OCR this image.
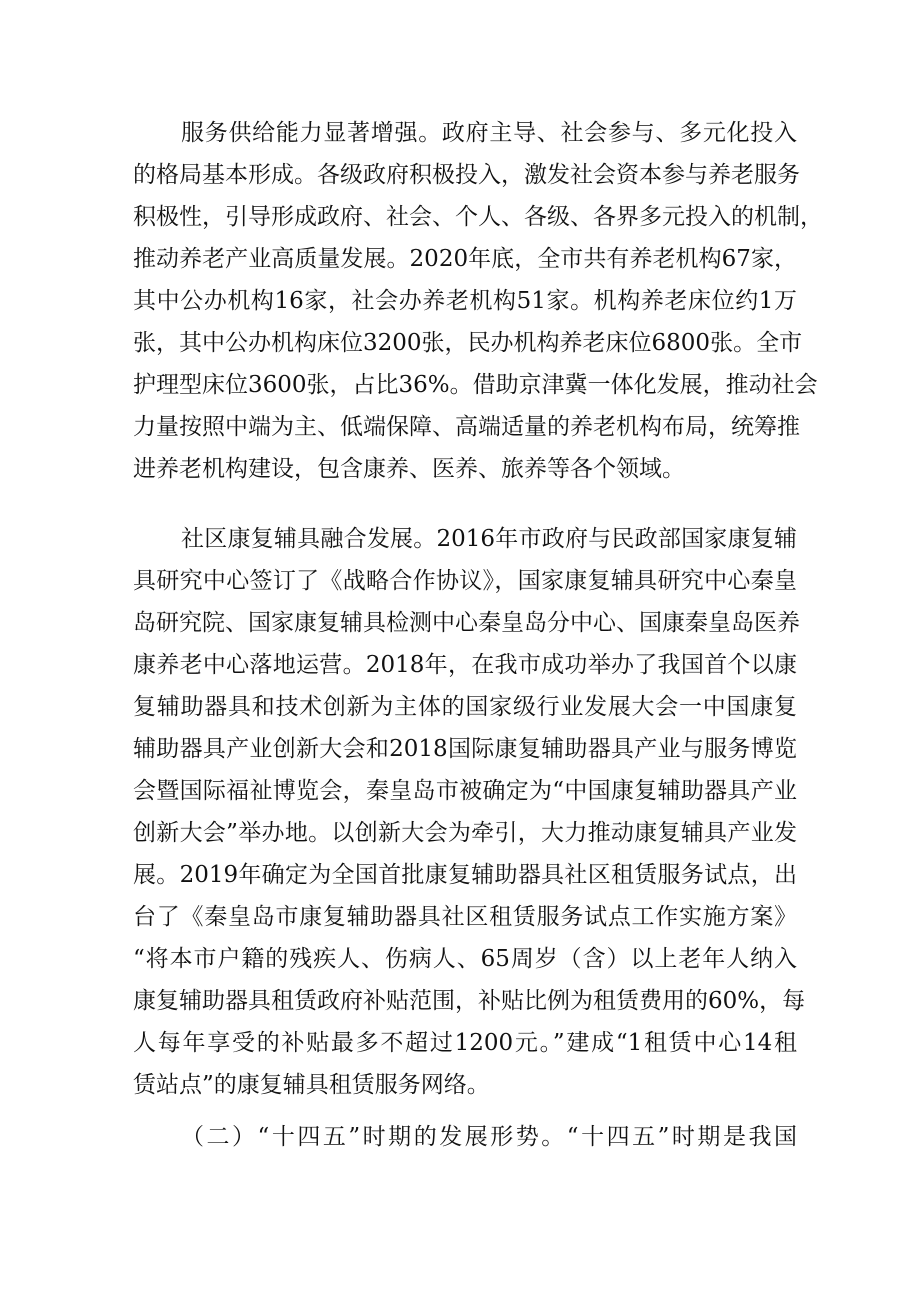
服务供给能力显著增强。政府主导、社会参与、多元化投入
的格局基本形成。各级政府积极投入，激发社会资本参与养老服务
积极性，引导形成政府、社会、个人、各级、各界多元投入的机制，
推动养老产业高质量发展。2020年底，全市共有养老机构67家，
其中公办机构16家，社会办养老机构51家。机构养老床位约1万
张，其中公办机构床位3200张，民办机构养老床位6800张。全市
护理型床位3600张，占比36%。借助京津冀一体化发展，推动社会
力量按照中端为主、低端保障、高端适量的养老机构布局，统筹推
进养老机构建设，包含康养、医养、旅养等各个领域。
社区康复辅具融合发展。2016年市政府与民政部国家康复辅
具研究中心签订了《战略合作协议》，国家康复辅具研究中心秦皇
岛研究院、国家康复辅具检测中心秦皇岛分中心、国康秦皇岛医养
康养老中心落地运营。2018年，在我市成功举办了我国首个以康
复辅助器具和技术创新为主体的国家级行业发展大会一中国康复
辅助器具产业创新大会和2018国际康复辅助器具产业与服务博览
会暨国际福祉博览会，秦皇岛市被确定为“中国康复辅助器具产业
创新大会”举办地。以创新大会为牵引，大力推动康复辅具产业发
展。2019年确定为全国首批康复辅助器具社区租赁服务试点，出
台了《秦皇岛市康复辅助器具社区租赁服务试点工作实施方案》
“将本市户籍的残疾人、伤病人、65周岁（含）以上老年人纳入
康复辅助器具租赁政府补贴范围，补贴比例为租赁费用的60%，每
人每年享受的补贴最多不超过1200元。”建成“1租赁中心14租
赁站点”的康复辅具租赁服务网络。
（二）“十四五”时期的发展形势。“十四五”时期是我国
